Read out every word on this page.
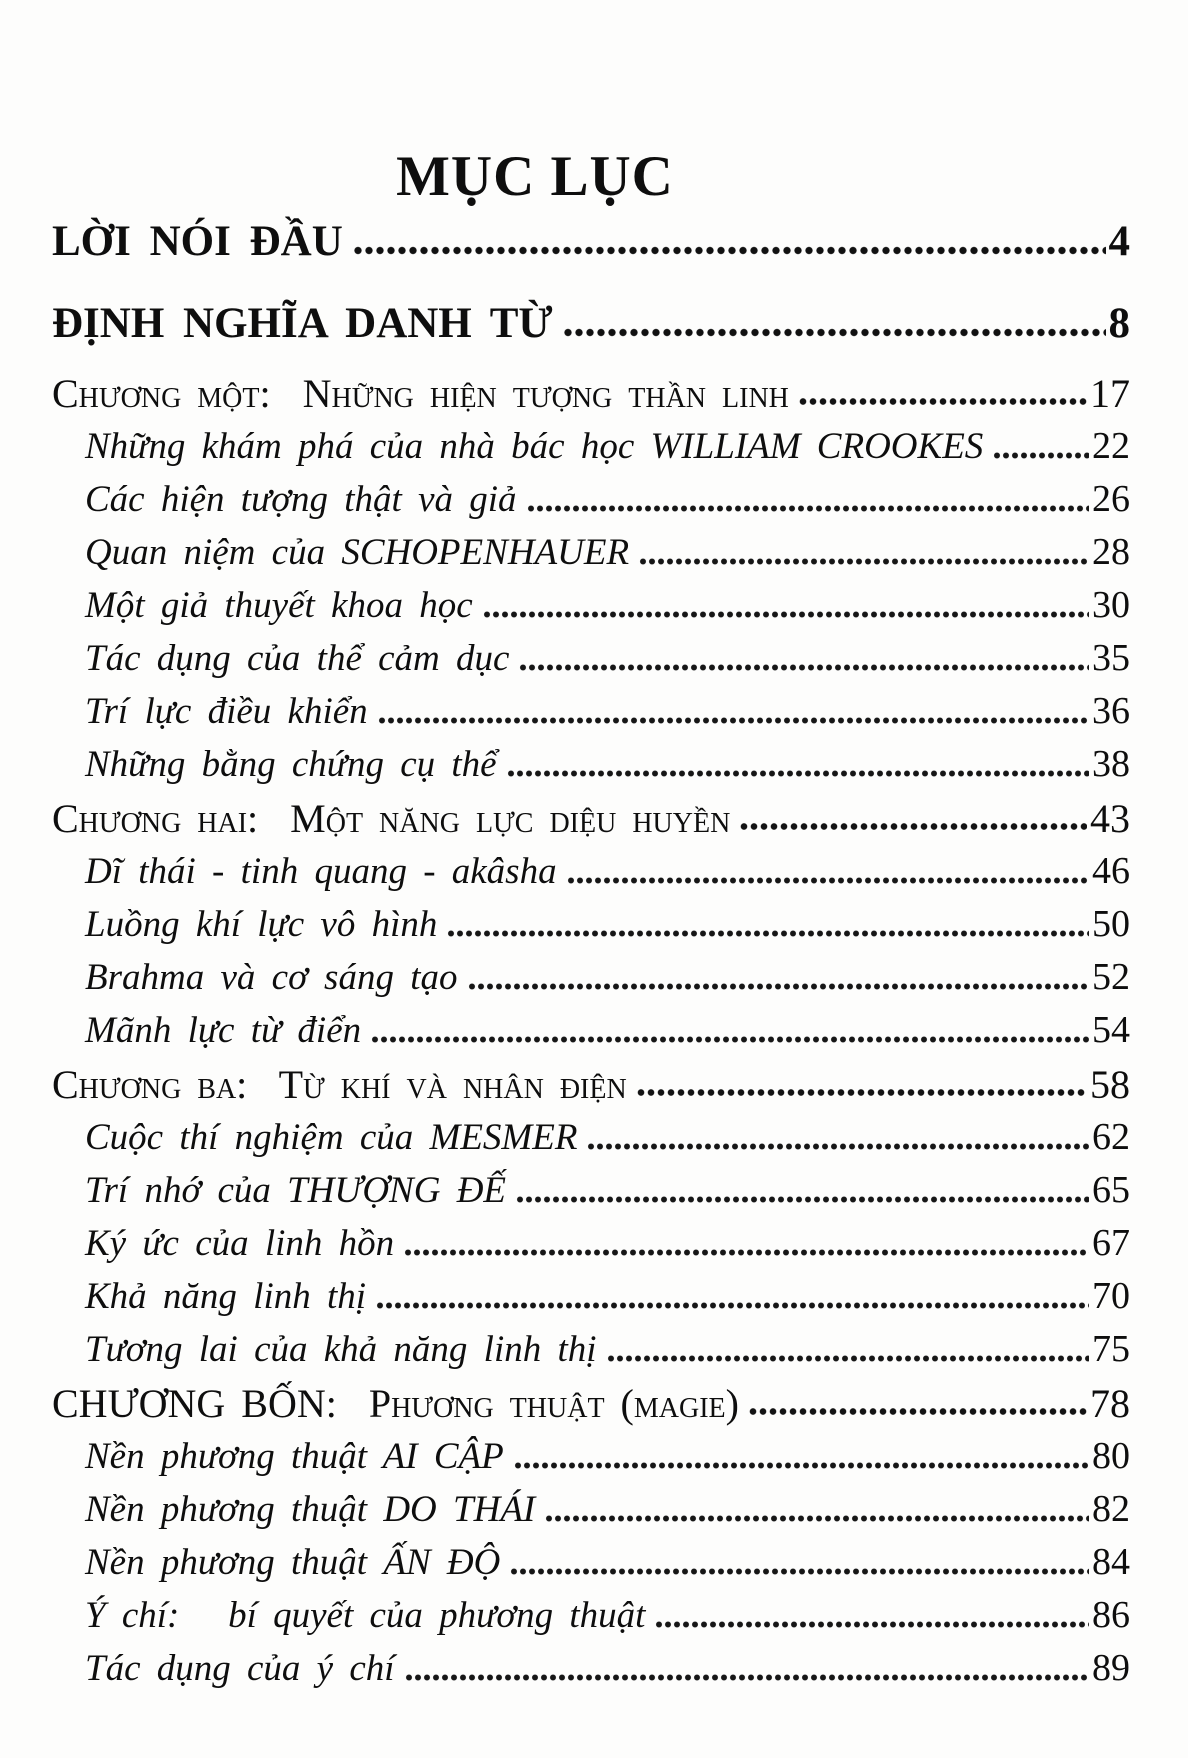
MỤC LỤC
LỜI NÓI ĐẦU	4
ĐỊNH NGHĨA DANH TỪ	8
Chương một:  Những hiện tượng thần linh	17
Những khám phá của nhà bác học WILLIAM CROOKES	22
Các hiện tượng thật và giả	26
Quan niệm của SCHOPENHAUER	28
Một giả thuyết khoa học	30
Tác dụng của thể cảm dục	35
Trí lực điều khiển	36
Những bằng chứng cụ thể	38
Chương hai:  Một năng lực diệu huyền	43
Dĩ thái - tinh quang - akâsha	46
Luồng khí lực vô hình	50
Brahma và cơ sáng tạo	52
Mãnh lực từ điển	54
Chương ba:  Từ khí và nhân điện	58
Cuộc thí nghiệm của MESMER	62
Trí nhớ của THƯỢNG ĐẾ	65
Ký ức của linh hồn	67
Khả năng linh thị	70
Tương lai của khả năng linh thị	75
CHƯƠNG BỐN:  Phương thuật (magie)	78
Nền phương thuật AI CẬP	80
Nền phương thuật DO THÁI	82
Nền phương thuật ẤN ĐỘ	84
Ý chí:   bí quyết của phương thuật	86
Tác dụng của ý chí	89
